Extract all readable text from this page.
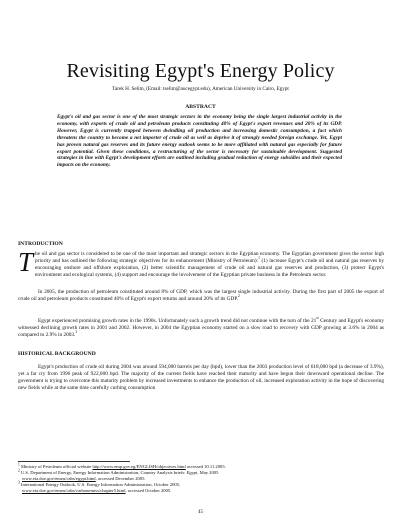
Revisiting Egypt's Energy Policy
Tarek H. Selim, (Email: tselim@aucegypt.edu), American University in Cairo, Egypt
ABSTRACT
Egypt's oil and gas sector is one of the most strategic sectors in the economy being the single largest industrial activity in the economy, with exports of crude oil and petroleum products constituting 40% of Egypt's export revenues and 20% of its GDP. However, Egypt is currently trapped between dwindling oil production and increasing domestic consumption, a fact which threatens the country to become a net importer of crude oil as well as deprive it of strongly needed foreign exchange. Yet, Egypt has proven natural gas reserves and its future energy outlook seems to be more affiliated with natural gas especially for future export potential. Given these conditions, a restructuring of the sector is necessary for sustainable development. Suggested strategies in line with Egypt's development efforts are outlined including gradual reduction of energy subsidies and their expected impacts on the economy.
INTRODUCTION
T he oil and gas sector is considered to be one of the most important and strategic sectors in the Egyptian economy. The Egyptian government gives the sector high priority and has outlined the following strategic objectives for its enhancement (Ministry of Petroleum):$^1$ (1) increase Egypt's crude oil and natural gas reserves by encouraging onshore and offshore exploration, (2) better scientific management of crude oil and natural gas reserves and production, (3) protect Egypt's environment and ecological systems, (4) support and encourage the involvement of the Egyptian private business in the Petroleum sector.
In 2005, the production of petroleum constituted around 8% of GDP, which was the largest single industrial activity. During the first part of 2005 the export of crude oil and petroleum products constituted 40% of Egypt's export returns and around 20% of its GDP.$^2$
Egypt experienced promising growth rates in the 1990s. Unfortunately such a growth trend did not continue with the turn of the 21st Century and Egypt's economy witnessed declining growth rates in 2001 and 2002. However, in 2004 the Egyptian economy started on a slow road to recovery with GDP growing at 3.6% in 2004 as compared to 2.9% in 2003.$^3$
HISTORICAL BACKGROUND
Egypt's production of crude oil during 2004 was around 594,000 barrels per day (bpd), lower than the 2003 production level of 618,000 bpd (a decrease of 3.9%), yet a far cry from 1996 peak of 922,000 bpd. The majority of the current fields have reached their maturity and have begun their downward operational decline. The government is trying to overcome this maturity problem by increased investments to enhance the production of oil, increased exploration activity in the hope of discovering new fields while at the same time carefully curbing consumption
$^1$ Ministry of Petroleum official website http://www.emp.gov.eg/ENGLISH/objectives.html accessed 10.11.2005.
$^2$ U.S. Department of Energy, Energy Information Administration, Country Analysis briefs: Egypt, May 2005
www.eia.doe.gov/emeu/cabs/egypt.html, accessed December 2005.
$^3$ International Energy Outlook, U.S. Energy Information Administration, October 2005,
www.eia.doe.gov/emeu/cabs/carbonemiss/chapter5.html, accessed October 2005.
45
